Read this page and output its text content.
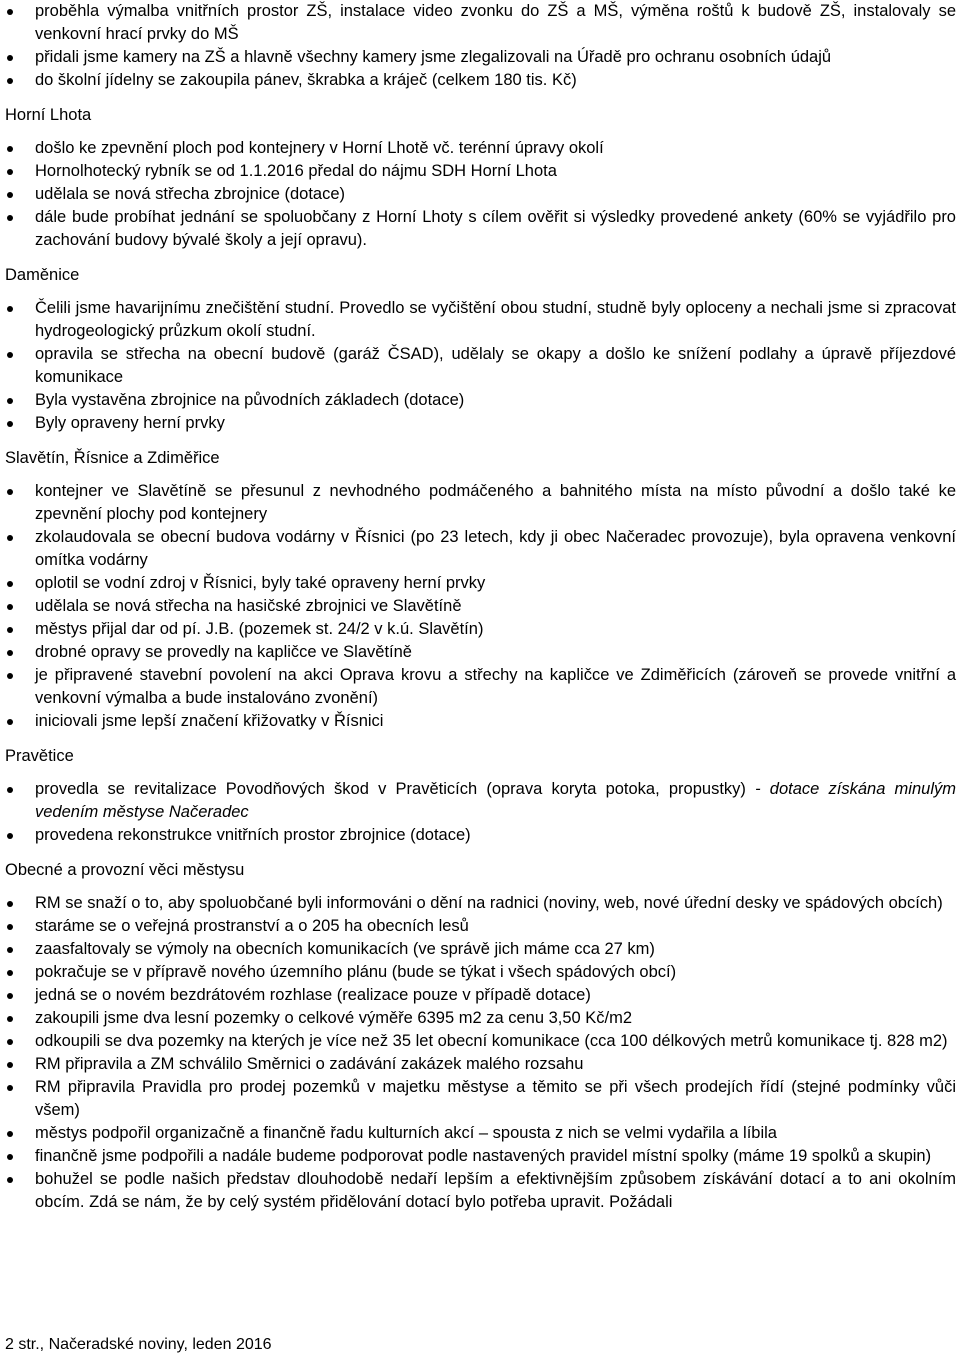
proběhla výmalba vnitřních prostor ZŠ, instalace video zvonku do ZŠ a MŠ, výměna roštů k budově ZŠ, instalovaly se venkovní hrací prvky do MŠ
přidali jsme kamery na ZŠ a hlavně všechny kamery jsme zlegalizovali na Úřadě pro ochranu osobních údajů
do školní jídelny se zakoupila pánev, škrabka a kráječ (celkem 180 tis. Kč)

Horní Lhota

došlo ke zpevnění ploch pod kontejnery v Horní Lhotě vč. terénní úpravy okolí
Hornolhotecký rybník se od 1.1.2016 předal do nájmu SDH Horní Lhota
udělala se nová střecha zbrojnice (dotace)
dále bude probíhat jednání se spoluobčany z Horní Lhoty s cílem ověřit si výsledky provedené ankety (60% se vyjádřilo pro zachování budovy bývalé školy a její opravu).

Daměnice

Čelili jsme havarijnímu znečištění studní. Provedlo se vyčištění obou studní, studně byly oploceny a nechali jsme si zpracovat hydrogeologický průzkum okolí studní.
opravila se střecha na obecní budově (garáž ČSAD), udělaly se okapy a došlo ke snížení podlahy a úpravě příjezdové komunikace
Byla vystavěna zbrojnice na původních základech (dotace)
Byly opraveny herní prvky

Slavětín, Řísnice a Zdiměřice

kontejner ve Slavětíně se přesunul z nevhodného podmáčeného a bahnitého místa na místo původní a došlo také ke zpevnění plochy pod kontejnery
zkolaudovala se obecní budova vodárny v Řísnici (po 23 letech, kdy ji obec Načeradec provozuje), byla opravena venkovní omítka vodárny
oplotil se vodní zdroj v Řísnici, byly také opraveny herní prvky
udělala se nová střecha na hasičské zbrojnici ve Slavětíně
městys přijal dar od pí. J.B. (pozemek st. 24/2 v k.ú. Slavětín)
drobné opravy se provedly na kapličce ve Slavětíně
je připravené stavební povolení na akci Oprava krovu a střechy na kapličce ve Zdiměřicích (zároveň se provede vnitřní a venkovní výmalba a bude instalováno zvonění)
iniciovali jsme lepší značení křižovatky v Řísnici

Pravětice

provedla se revitalizace Povodňových škod v Pravěticích (oprava koryta potoka, propustky) - dotace získána minulým vedením městyse Načeradec
provedena rekonstrukce vnitřních prostor zbrojnice (dotace)

Obecné a provozní věci městysu

RM se snaží o to, aby spoluobčané byli informováni o dění na radnici (noviny, web, nové úřední desky ve spádových obcích)
staráme se o veřejná prostranství a o 205 ha obecních lesů
zaasfaltovaly se výmoly na obecních komunikacích (ve správě jich máme cca 27 km)
pokračuje se v přípravě nového územního plánu (bude se týkat i všech spádových obcí)
jedná se o novém bezdrátovém rozhlase (realizace pouze v případě dotace)
zakoupili jsme dva lesní pozemky o celkové výměře 6395 m2 za cenu 3,50 Kč/m2
odkoupili se dva pozemky na kterých je více než 35 let obecní komunikace (cca 100 délkových metrů komunikace tj. 828 m2)
RM připravila a ZM schválilo Směrnici o zadávání zakázek malého rozsahu
RM připravila Pravidla pro prodej pozemků v majetku městyse a těmito se při všech prodejích řídí (stejné podmínky vůči všem)
městys podpořil organizačně a finančně řadu kulturních akcí – spousta z nich se velmi vydařila a líbila
finančně jsme podpořili a nadále budeme podporovat podle nastavených pravidel místní spolky (máme 19 spolků a skupin)
bohužel se podle našich představ dlouhodobě nedaří lepším a efektivnějším způsobem získávání dotací a to ani okolním obcím. Zdá se nám, že by celý systém přidělování dotací bylo potřeba upravit. Požádali
2 str., Načeradské noviny, leden 2016
